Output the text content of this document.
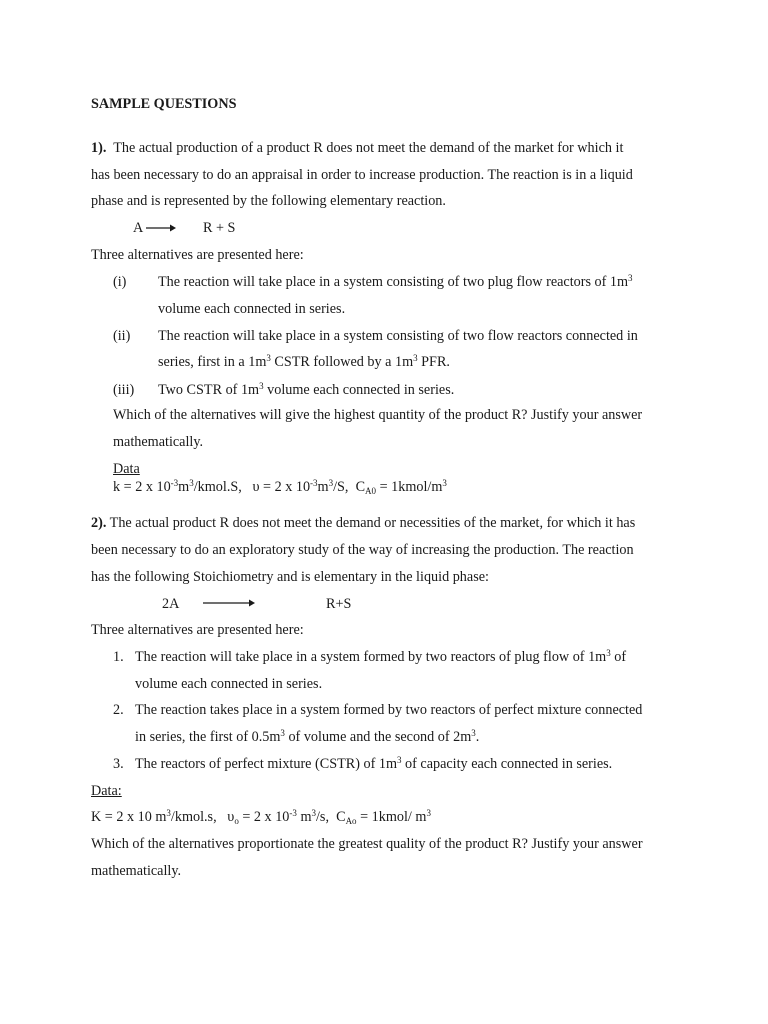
SAMPLE QUESTIONS
1). The actual production of a product R does not meet the demand of the market for which it
has been necessary to do an appraisal in order to increase production. The reaction is in a liquid
phase and is represented by the following elementary reaction.
A	R + S
Three alternatives are presented here:
(i) The reaction will take place in a system consisting of two plug flow reactors of $1m^3$
volume each connected in series.
(ii) The reaction will take place in a system consisting of two flow reactors connected in
series, first in a $1m^3$ CSTR followed by a $1m^3$ PFR.
(iii) Two CSTR of $1m^3$ volume each connected in series.
Which of the alternatives will give the highest quantity of the product R? Justify your answer
mathematically.
Data
k = 2 x $10^{-3}m^3/kmol.S$, υ = 2 x $10^{-3}m^3/S$, $C_{A0}$ = $1kmol/m^3$
2). The actual product R does not meet the demand or necessities of the market, for which it has
been necessary to do an exploratory study of the way of increasing the production. The reaction
has the following Stoichiometry and is elementary in the liquid phase:
2A	R+S
Three alternatives are presented here:
1. The reaction will take place in a system formed by two reactors of plug flow of $1m^3$ of
volume each connected in series.
2. The reaction takes place in a system formed by two reactors of perfect mixture connected
in series, the first of $0.5m^3$ of volume and the second of $2m^3$.
3. The reactors of perfect mixture (CSTR) of $1m^3$ of capacity each connected in series.
Data:
K = 2 x 10 $m^3/kmol.s$, $\upsilon_o = 2$ x $10^{-3}$ $m^3/s$, $C_{Ao}$ = 1kmol/ $m^3$
Which of the alternatives proportionate the greatest quality of the product R? Justify your answer
mathematically.
